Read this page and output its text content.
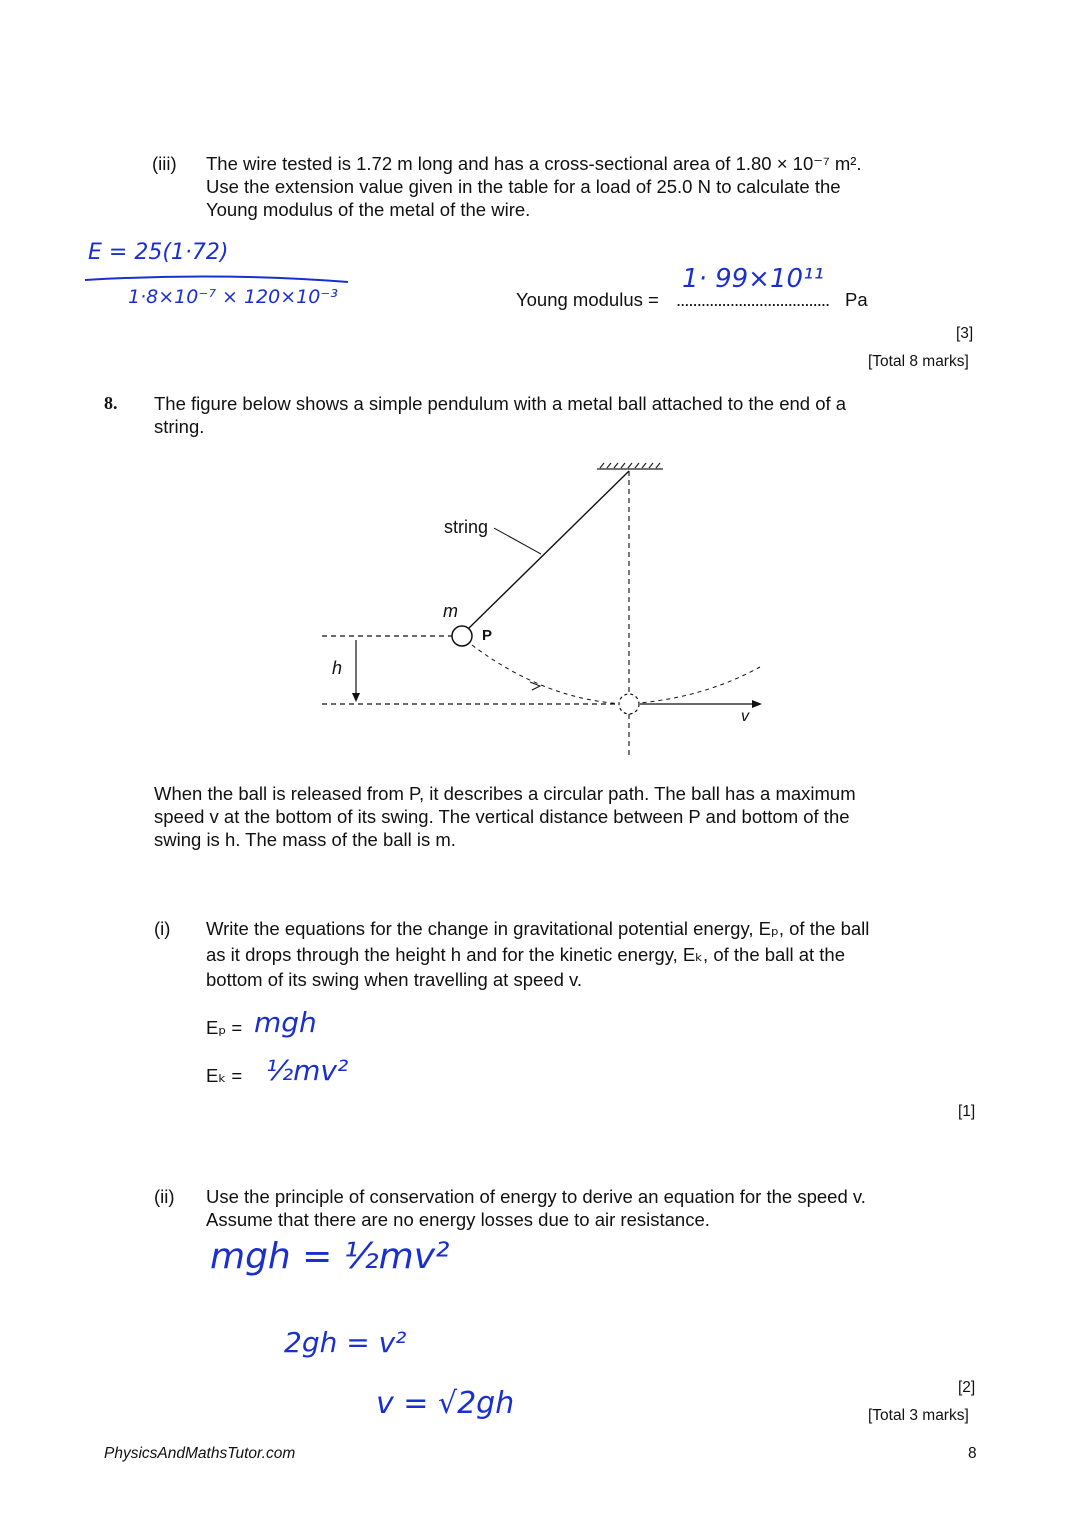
(iii) The wire tested is 1.72 m long and has a cross-sectional area of 1.80 × 10⁻⁷ m².
Use the extension value given in the table for a load of 25.0 N to calculate the
Young modulus of the metal of the wire.
E = 25(1·72)
1·8×10⁻⁷ × 120×10⁻³	Young modulus = ..................................... Pa
1· 99×10¹¹
[3]
[Total 8 marks]
8. The figure below shows a simple pendulum with a metal ball attached to the end of a
string.
string
m
P
h
v
When the ball is released from P, it describes a circular path. The ball has a maximum
speed v at the bottom of its swing. The vertical distance between P and bottom of the
swing is h. The mass of the ball is m.
(i) Write the equations for the change in gravitational potential energy, Eₚ, of the ball
as it drops through the height h and for the kinetic energy, Eₖ, of the ball at the
bottom of its swing when travelling at speed v.
Eₚ = mgh
Eₖ = ½mv²
[1]
(ii) Use the principle of conservation of energy to derive an equation for the speed v.
Assume that there are no energy losses due to air resistance.
mgh = ½mv²
2gh = v²
v = √2gh	[2]
[Total 3 marks]
PhysicsAndMathsTutor.com	8
